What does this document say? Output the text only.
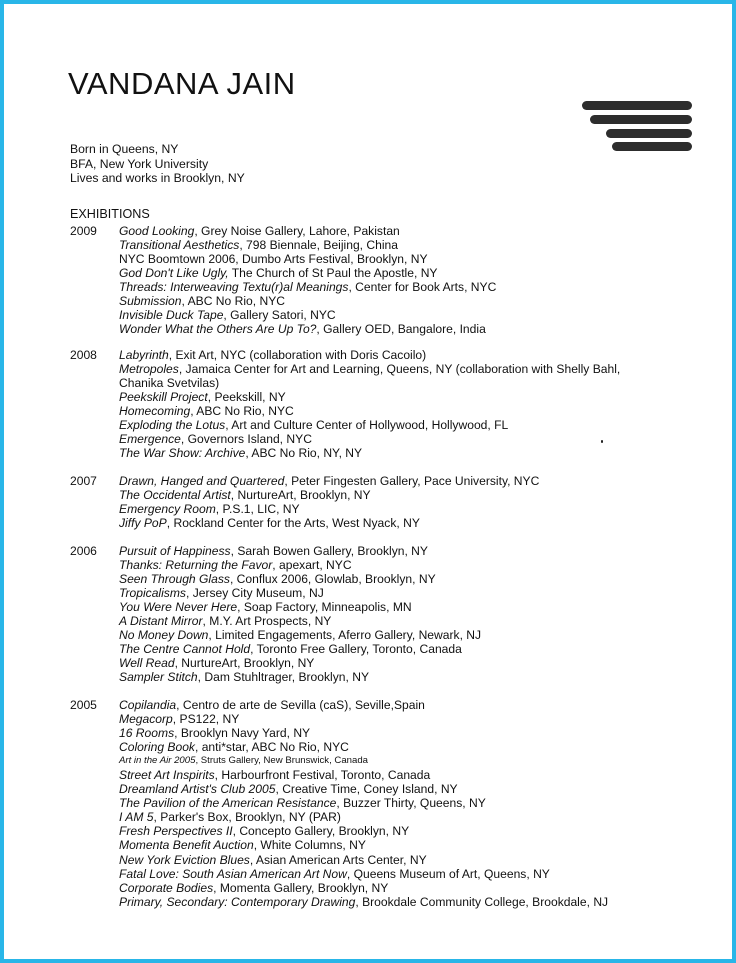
VANDANA JAIN
Born in Queens, NY
BFA, New York University
Lives and works in Brooklyn, NY
EXHIBITIONS
2009 Good Looking, Grey Noise Gallery, Lahore, Pakistan
Transitional Aesthetics, 798 Biennale, Beijing, China
NYC Boomtown 2006, Dumbo Arts Festival, Brooklyn, NY
God Don't Like Ugly, The Church of St Paul the Apostle, NY
Threads: Interweaving Textu(r)al Meanings, Center for Book Arts, NYC
Submission, ABC No Rio, NYC
Invisible Duck Tape, Gallery Satori, NYC
Wonder What the Others Are Up To?, Gallery OED, Bangalore, India
2008 Labyrinth, Exit Art, NYC (collaboration with Doris Cacoilo)
Metropoles, Jamaica Center for Art and Learning, Queens, NY (collaboration with Shelly Bahl, Chanika Svetvilas)
Peekskill Project, Peekskill, NY
Homecoming, ABC No Rio, NYC
Exploding the Lotus, Art and Culture Center of Hollywood, Hollywood, FL
Emergence, Governors Island, NYC
The War Show: Archive, ABC No Rio, NY, NY
2007 Drawn, Hanged and Quartered, Peter Fingesten Gallery, Pace University, NYC
The Occidental Artist, NurtureArt, Brooklyn, NY
Emergency Room, P.S.1, LIC, NY
Jiffy PoP, Rockland Center for the Arts, West Nyack, NY
2006 Pursuit of Happiness, Sarah Bowen Gallery, Brooklyn, NY
Thanks: Returning the Favor, apexart, NYC
Seen Through Glass, Conflux 2006, Glowlab, Brooklyn, NY
Tropicalisms, Jersey City Museum, NJ
You Were Never Here, Soap Factory, Minneapolis, MN
A Distant Mirror, M.Y. Art Prospects, NY
No Money Down, Limited Engagements, Aferro Gallery, Newark, NJ
The Centre Cannot Hold, Toronto Free Gallery, Toronto, Canada
Well Read, NurtureArt, Brooklyn, NY
Sampler Stitch, Dam Stuhltrager, Brooklyn, NY
2005 Copilandia, Centro de arte de Sevilla (caS), Seville,Spain
Megacorp, PS122, NY
16 Rooms, Brooklyn Navy Yard, NY
Coloring Book, anti*star, ABC No Rio, NYC
Art in the Air 2005, Struts Gallery, New Brunswick, Canada
Street Art Inspirits, Harbourfront Festival, Toronto, Canada
Dreamland Artist's Club 2005, Creative Time, Coney Island, NY
The Pavilion of the American Resistance, Buzzer Thirty, Queens, NY
I AM 5, Parker's Box, Brooklyn, NY (PAR)
Fresh Perspectives II, Concepto Gallery, Brooklyn, NY
Momenta Benefit Auction, White Columns, NY
New York Eviction Blues, Asian American Arts Center, NY
Fatal Love: South Asian American Art Now, Queens Museum of Art, Queens, NY
Corporate Bodies, Momenta Gallery, Brooklyn, NY
Primary, Secondary: Contemporary Drawing, Brookdale Community College, Brookdale, NJ
